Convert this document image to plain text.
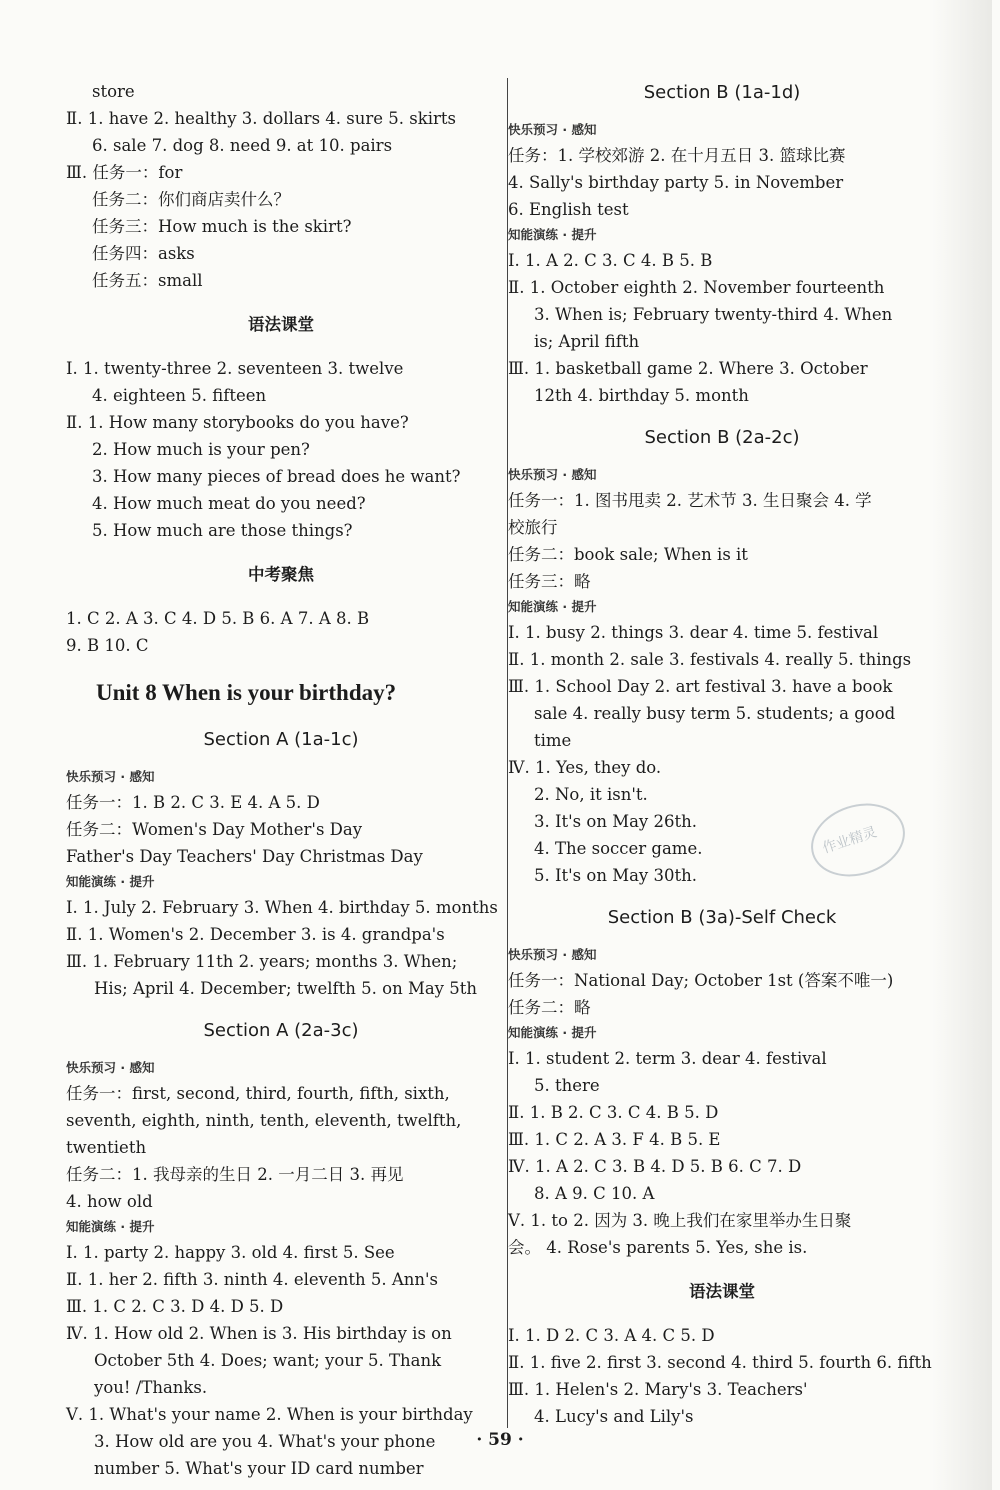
store

Ⅱ. 1. have 2. healthy 3. dollars 4. sure 5. skirts

6. sale 7. dog 8. need 9. at 10. pairs

Ⅲ. 任务一：for

任务二：你们商店卖什么？

任务三：How much is the skirt?

任务四：asks

任务五：small

语法课堂

Ⅰ. 1. twenty-three 2. seventeen 3. twelve

4. eighteen 5. fifteen

Ⅱ. 1. How many storybooks do you have?

2. How much is your pen?

3. How many pieces of bread does he want?

4. How much meat do you need?

5. How much are those things?

中考聚焦

1. C 2. A 3. C 4. D 5. B 6. A 7. A 8. B

9. B 10. C

Unit 8 When is your birthday?

Section A (1a-1c)

快乐预习 · 感知

任务一：1. B 2. C 3. E 4. A 5. D

任务二：Women's Day Mother's Day

Father's Day Teachers' Day Christmas Day

知能演练 · 提升

Ⅰ. 1. July 2. February 3. When 4. birthday 5. months

Ⅱ. 1. Women's 2. December 3. is 4. grandpa's

Ⅲ. 1. February 11th 2. years; months 3. When;

His; April 4. December; twelfth 5. on May 5th

Section A (2a-3c)

快乐预习 · 感知

任务一：first, second, third, fourth, fifth, sixth,

seventh, eighth, ninth, tenth, eleventh, twelfth,

twentieth

任务二：1. 我母亲的生日 2. 一月二日 3. 再见

4. how old

知能演练 · 提升

Ⅰ. 1. party 2. happy 3. old 4. first 5. See

Ⅱ. 1. her 2. fifth 3. ninth 4. eleventh 5. Ann's

Ⅲ. 1. C 2. C 3. D 4. D 5. D

Ⅳ. 1. How old 2. When is 3. His birthday is on

October 5th 4. Does; want; your 5. Thank

you! /Thanks.

Ⅴ. 1. What's your name 2. When is your birthday

3. How old are you 4. What's your phone

number 5. What's your ID card number

Section B (1a-1d)

快乐预习 · 感知

任务：1. 学校郊游 2. 在十月五日 3. 篮球比赛

4. Sally's birthday party 5. in November

6. English test

知能演练 · 提升

Ⅰ. 1. A 2. C 3. C 4. B 5. B

Ⅱ. 1. October eighth 2. November fourteenth

3. When is; February twenty-third 4. When

is; April fifth

Ⅲ. 1. basketball game 2. Where 3. October

12th 4. birthday 5. month

Section B (2a-2c)

快乐预习 · 感知

任务一：1. 图书甩卖 2. 艺术节 3. 生日聚会 4. 学

校旅行

任务二：book sale; When is it

任务三：略

知能演练 · 提升

Ⅰ. 1. busy 2. things 3. dear 4. time 5. festival

Ⅱ. 1. month 2. sale 3. festivals 4. really 5. things

Ⅲ. 1. School Day 2. art festival 3. have a book

sale 4. really busy term 5. students; a good

time

Ⅳ. 1. Yes, they do.

2. No, it isn't.

3. It's on May 26th.

4. The soccer game.

5. It's on May 30th.

Section B (3a)-Self Check

快乐预习 · 感知

任务一：National Day; October 1st (答案不唯一)

任务二：略

知能演练 · 提升

Ⅰ. 1. student 2. term 3. dear 4. festival

5. there

Ⅱ. 1. B 2. C 3. C 4. B 5. D

Ⅲ. 1. C 2. A 3. F 4. B 5. E

Ⅳ. 1. A 2. C 3. B 4. D 5. B 6. C 7. D

8. A 9. C 10. A

Ⅴ. 1. to 2. 因为 3. 晚上我们在家里举办生日聚

会。 4. Rose's parents 5. Yes, she is.

语法课堂

Ⅰ. 1. D 2. C 3. A 4. C 5. D

Ⅱ. 1. five 2. first 3. second 4. third 5. fourth 6. fifth

Ⅲ. 1. Helen's 2. Mary's 3. Teachers'

4. Lucy's and Lily's

作业精灵
· 59 ·
